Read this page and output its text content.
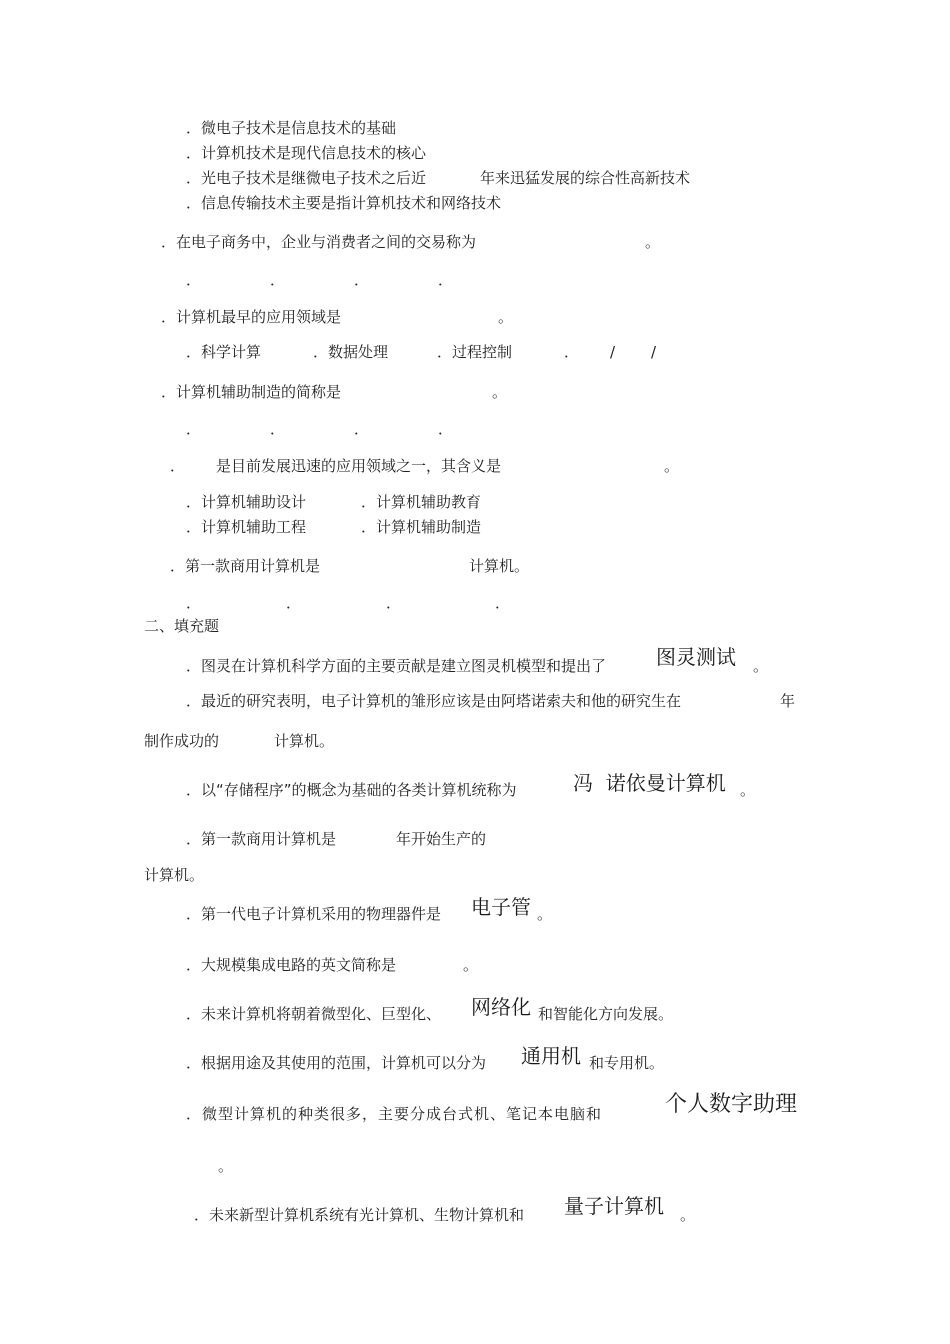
．微电子技术是信息技术的基础
．计算机技术是现代信息技术的核心
．光电子技术是继微电子技术之后近	年来迅猛发展的综合性高新技术
．信息传输技术主要是指计算机技术和网络技术
．在电子商务中，企业与消费者之间的交易称为	。
．	．	．	．
．计算机最早的应用领域是	。
．科学计算	．数据处理	．过程控制	． / /
．计算机辅助制造的简称是	。
．	．	．	．
． 是目前发展迅速的应用领域之一，其含义是	。
．计算机辅助设计	．计算机辅助教育
．计算机辅助工程	．计算机辅助制造
．第一款商用计算机是	计算机。
．	．	．	．
二、填充题
．图灵在计算机科学方面的主要贡献是建立图灵机模型和提出了 图灵测试 。
．最近的研究表明，电子计算机的雏形应该是由阿塔诺索夫和他的研究生在	年
制作成功的	计算机。
．以“存储程序”的概念为基础的各类计算机统称为	冯  诺依曼计算机 。
．第一款商用计算机是	年开始生产的
计算机。
．第一代电子计算机采用的物理器件是 电子管 。
．大规模集成电路的英文简称是	。
．未来计算机将朝着微型化、巨型化、 网络化 和智能化方向发展。
．根据用途及其使用的范围，计算机可以分为 通用机 和专用机。
．微型计算机的种类很多，主要分成台式机、笔记本电脑和	个人数字助理
。
．未来新型计算机系统有光计算机、生物计算机和 量子计算机 。
